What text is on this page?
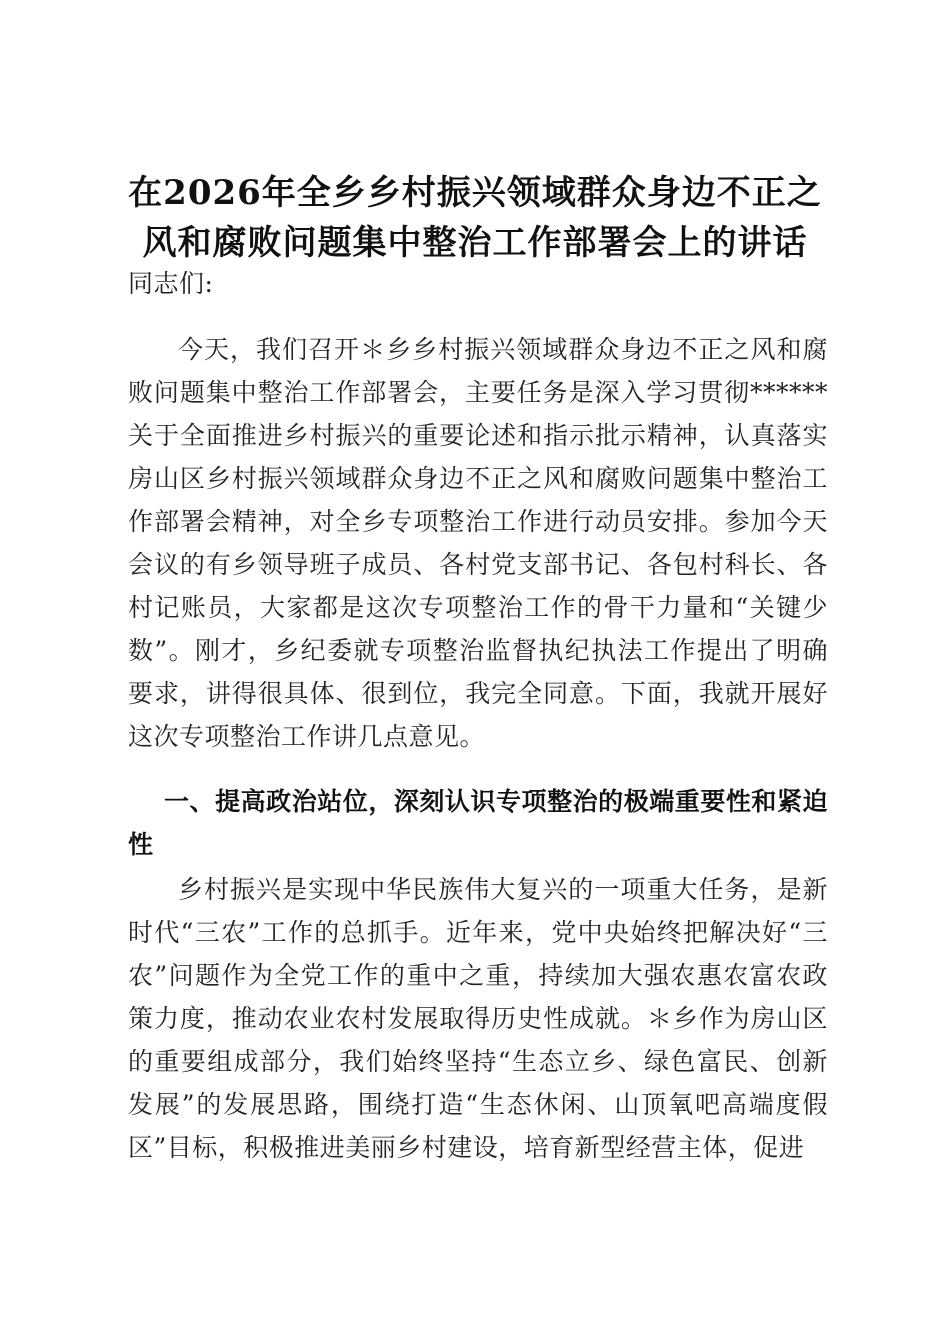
在2026年全乡乡村振兴领域群众身边不正之风和腐败问题集中整治工作部署会上的讲话

同志们:

今天，我们召开＊乡乡村振兴领域群众身边不正之风和腐败问题集中整治工作部署会，主要任务是深入学习贯彻******关于全面推进乡村振兴的重要论述和指示批示精神，认真落实房山区乡村振兴领域群众身边不正之风和腐败问题集中整治工作部署会精神，对全乡专项整治工作进行动员安排。参加今天会议的有乡领导班子成员、各村党支部书记、各包村科长、各村记账员，大家都是这次专项整治工作的骨干力量和“关键少数”。刚才，乡纪委就专项整治监督执纪执法工作提出了明确要求，讲得很具体、很到位，我完全同意。下面，我就开展好这次专项整治工作讲几点意见。

一、提高政治站位，深刻认识专项整治的极端重要性和紧迫性

乡村振兴是实现中华民族伟大复兴的一项重大任务，是新时代“三农”工作的总抓手。近年来，党中央始终把解决好“三农”问题作为全党工作的重中之重，持续加大强农惠农富农政策力度，推动农业农村发展取得历史性成就。＊乡作为房山区的重要组成部分，我们始终坚持“生态立乡、绿色富民、创新发展”的发展思路，围绕打造“生态休闲、山顶氧吧高端度假区”目标，积极推进美丽乡村建设，培育新型经营主体，促进
